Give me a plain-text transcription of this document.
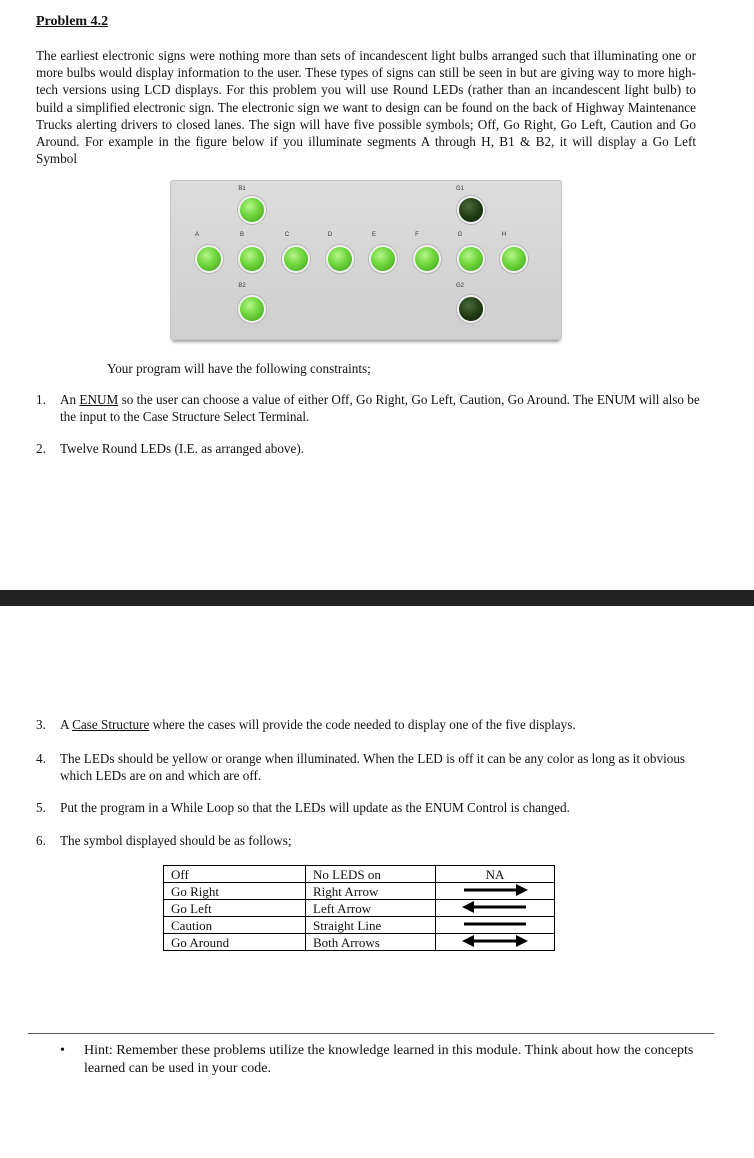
Problem 4.2

The earliest electronic signs were nothing more than sets of incandescent light bulbs arranged such that illuminating one or more bulbs would display information to the user. These types of signs can still be seen in but are giving way to more high-tech versions using LCD displays. For this problem you will use Round LEDs (rather than an incandescent light bulb) to build a simplified electronic sign. The electronic sign we want to design can be found on the back of Highway Maintenance Trucks alerting drivers to closed lanes. The sign will have five possible symbols; Off, Go Right, Go Left, Caution and Go Around. For example in the figure below if you illuminate segments A through H, B1 & B2, it will display a Go Left Symbol

B1	G1
A	B	C	D	E	F	G	H
B2	G2
Your program will have the following constraints;
1. An ENUM so the user can choose a value of either Off, Go Right, Go Left, Caution, Go Around. The ENUM will also be the input to the Case Structure Select Terminal.
2. Twelve Round LEDs (I.E. as arranged above).
3. A Case Structure where the cases will provide the code needed to display one of the five displays.
4. The LEDs should be yellow or orange when illuminated. When the LED is off it can be any color as long as it obvious which LEDs are on and which are off.
5. Put the program in a While Loop so that the LEDs will update as the ENUM Control is changed.
6. The symbol displayed should be as follows;
Off	No LEDS on	NA
Go Right	Right Arrow	
Go Left	Left Arrow	
Caution	Straight Line	
Go Around	Both Arrows	
• Hint: Remember these problems utilize the knowledge learned in this module. Think about how the concepts learned can be used in your code.
